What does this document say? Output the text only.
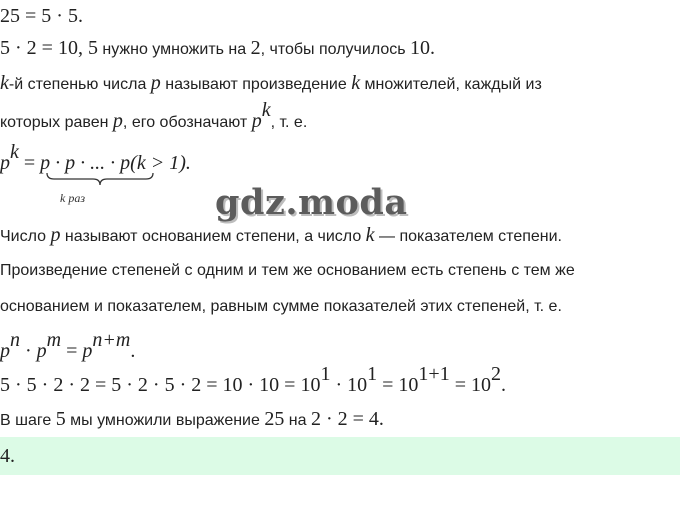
25 = 5 · 5.
5 · 2 = 10, 5 нужно умножить на 2, чтобы получилось 10.
k-й степенью числа p называют произведение k множителей, каждый из
которых равен p, его обозначают $p^k$, т. е.
$p^k = p \cdot p$ · ... · p(k > 1).
k раз	gdz.moda
Число p называют основанием степени, а число k — показателем степени.
Произведение степеней с одним и тем же основанием есть степень с тем же
основанием и показателем, равным сумме показателей этих степеней, т. е.
$p^n \cdot p^m = p^{n+m}$.
$5 \cdot 5 \cdot 2 \cdot 2 = 5 \cdot 2 \cdot 5 \cdot 2 = 10 \cdot 10 = 10^1 \cdot 10^1 = 10^{1+1} = 10^2$.
В шаге 5 мы умножили выражение 25 на 2 · 2 = 4.
4.
